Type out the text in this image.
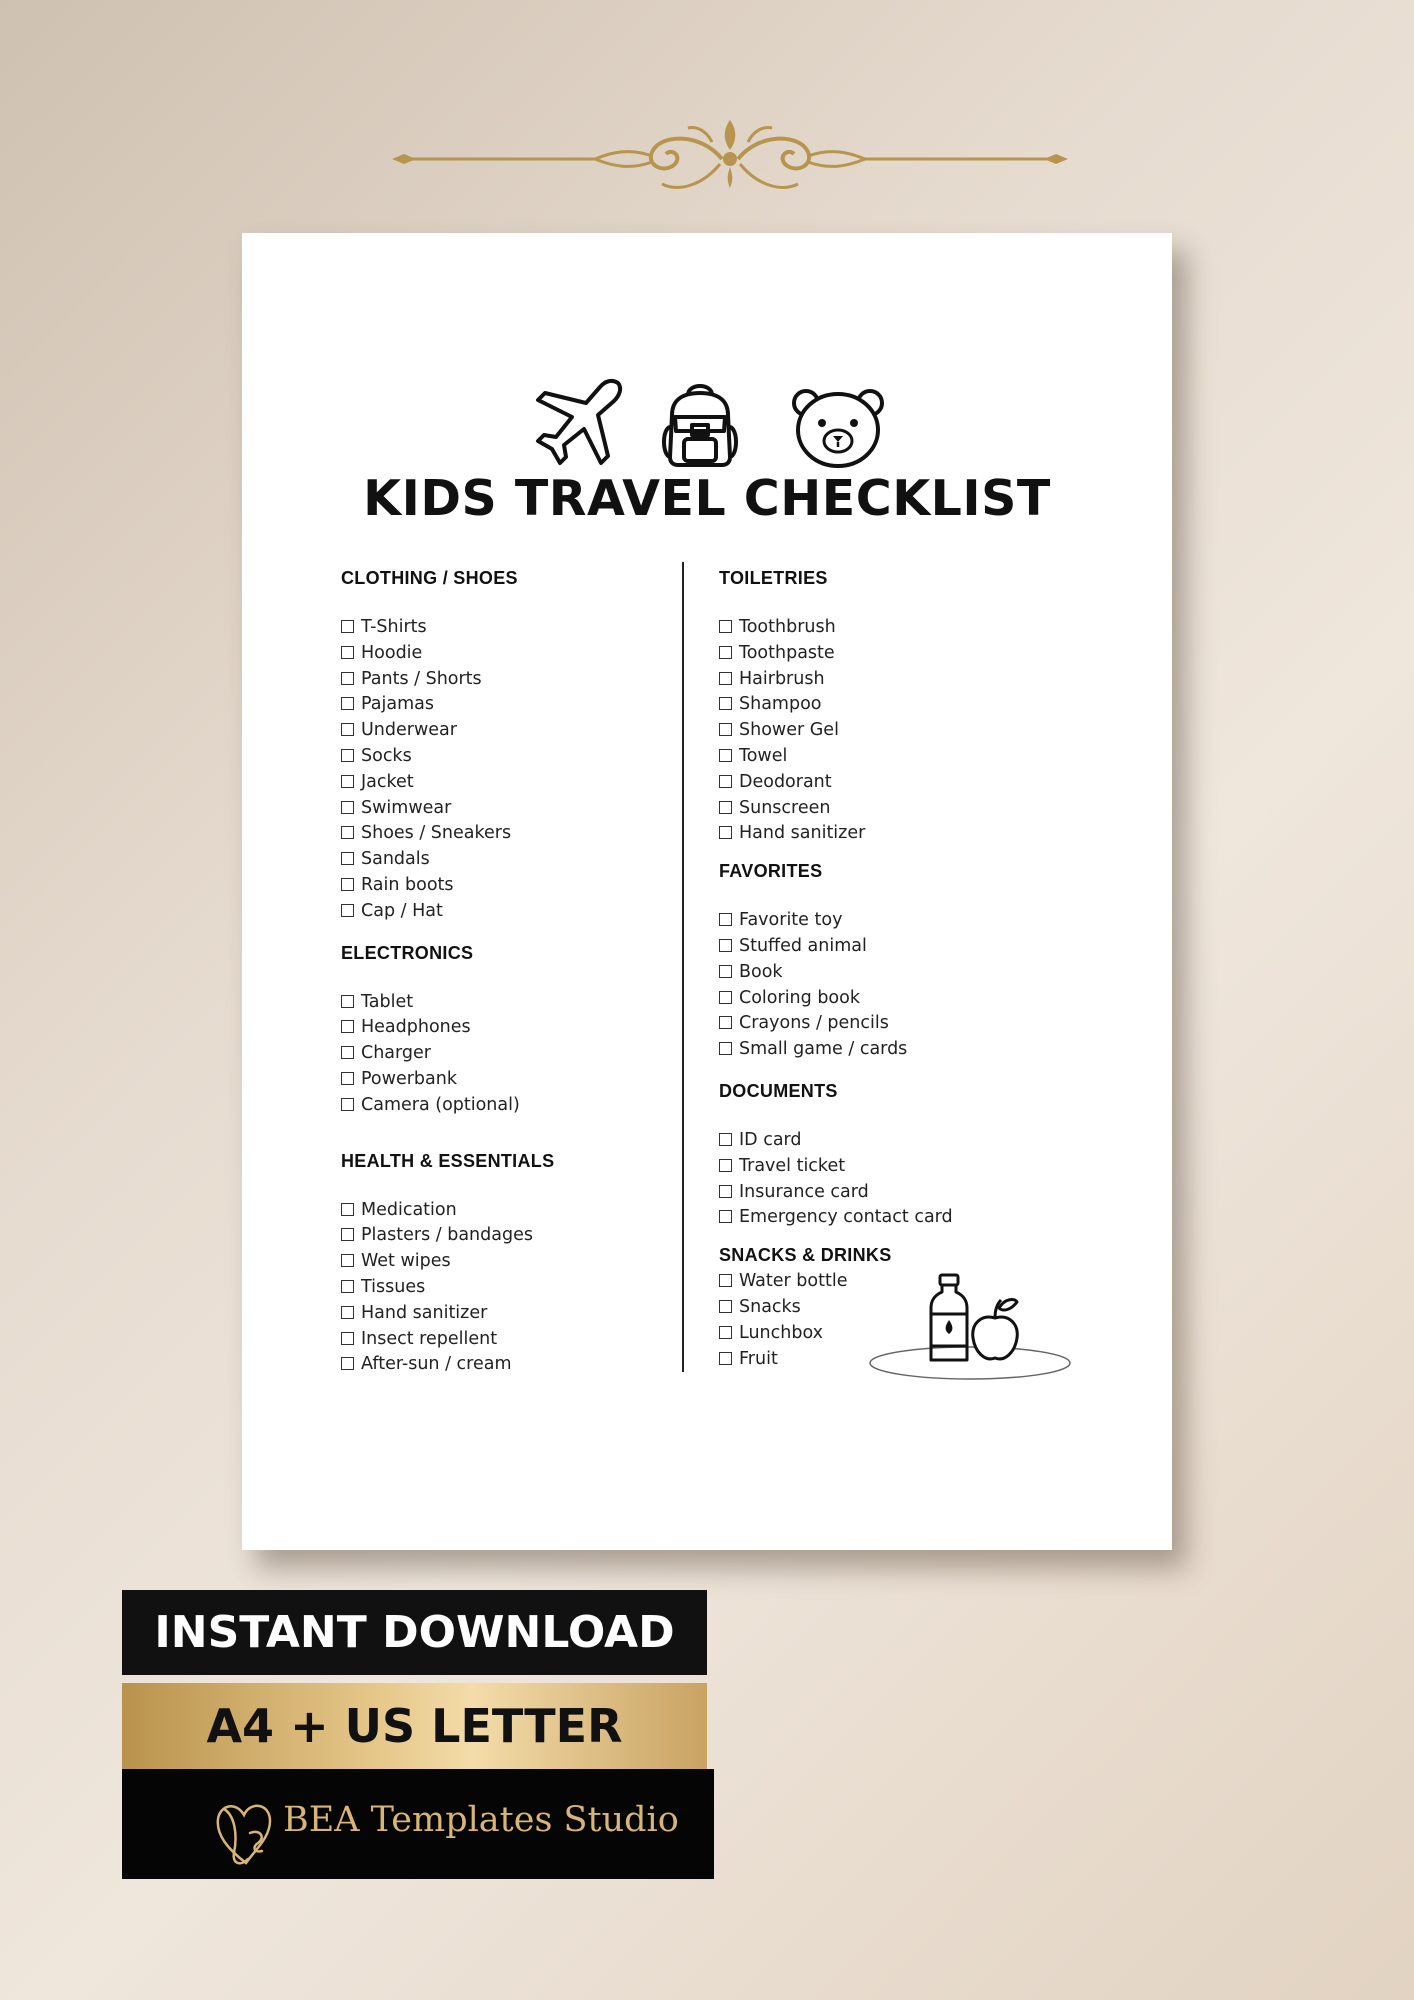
KIDS TRAVEL CHECKLIST
CLOTHING / SHOES
T-Shirts
Hoodie
Pants / Shorts
Pajamas
Underwear
Socks
Jacket
Swimwear
Shoes / Sneakers
Sandals
Rain boots
Cap / Hat
ELECTRONICS
Tablet
Headphones
Charger
Powerbank
Camera (optional)
HEALTH & ESSENTIALS
Medication
Plasters / bandages
Wet wipes
Tissues
Hand sanitizer
Insect repellent
After-sun / cream
TOILETRIES
Toothbrush
Toothpaste
Hairbrush
Shampoo
Shower Gel
Towel
Deodorant
Sunscreen
Hand sanitizer
FAVORITES
Favorite toy
Stuffed animal
Book
Coloring book
Crayons / pencils
Small game / cards
DOCUMENTS
ID card
Travel ticket
Insurance card
Emergency contact card
SNACKS & DRINKS
Water bottle
Snacks
Lunchbox
Fruit
INSTANT DOWNLOAD
A4 + US LETTER
BEA Templates Studio
